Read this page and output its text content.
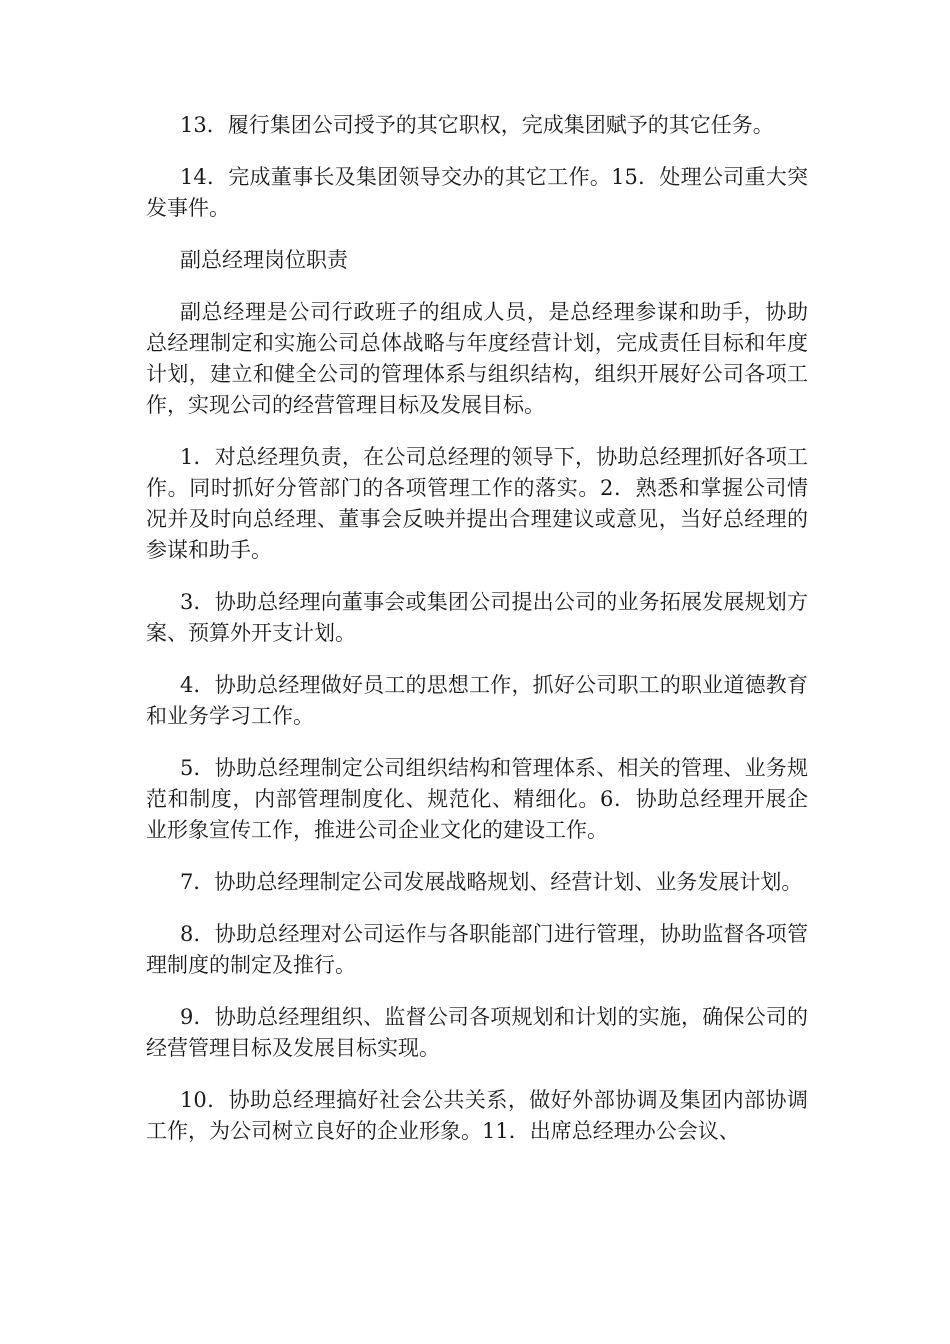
13．履行集团公司授予的其它职权，完成集团赋予的其它任务。

14．完成董事长及集团领导交办的其它工作。15．处理公司重大突发事件。

副总经理岗位职责

副总经理是公司行政班子的组成人员，是总经理参谋和助手，协助总经理制定和实施公司总体战略与年度经营计划，完成责任目标和年度计划，建立和健全公司的管理体系与组织结构，组织开展好公司各项工作，实现公司的经营管理目标及发展目标。

1．对总经理负责，在公司总经理的领导下，协助总经理抓好各项工作。同时抓好分管部门的各项管理工作的落实。2．熟悉和掌握公司情况并及时向总经理、董事会反映并提出合理建议或意见，当好总经理的参谋和助手。

3．协助总经理向董事会或集团公司提出公司的业务拓展发展规划方案、预算外开支计划。

4．协助总经理做好员工的思想工作，抓好公司职工的职业道德教育和业务学习工作。

5．协助总经理制定公司组织结构和管理体系、相关的管理、业务规范和制度，内部管理制度化、规范化、精细化。6．协助总经理开展企业形象宣传工作，推进公司企业文化的建设工作。

7．协助总经理制定公司发展战略规划、经营计划、业务发展计划。

8．协助总经理对公司运作与各职能部门进行管理，协助监督各项管理制度的制定及推行。

9．协助总经理组织、监督公司各项规划和计划的实施，确保公司的经营管理目标及发展目标实现。

10．协助总经理搞好社会公共关系，做好外部协调及集团内部协调工作，为公司树立良好的企业形象。11．出席总经理办公会议、
